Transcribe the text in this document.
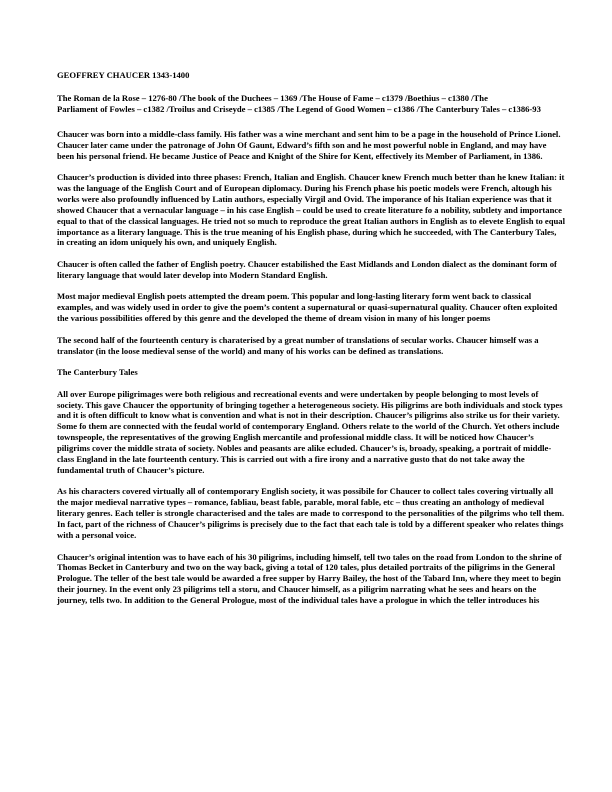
GEOFFREY CHAUCER 1343-1400

The Roman de la Rose – 1276-80 /The book of the Duchees – 1369 /The House of Fame – c1379 /Boethius – c1380 /The
Parliament of Fowles – c1382 /Troilus and Criseyde – c1385 /The Legend of Good Women – c1386 /The Canterbury Tales – c1386-93

Chaucer was born into a middle-class family. His father was a wine merchant and sent him to be a page in the household of Prince Lionel. Chaucer later came under the patronage of John Of Gaunt, Edward’s fifth son and he most powerful noble in England, and may have been his personal friend. He became Justice of Peace and Knight of the Shire for Kent, effectively its Member of Parliament, in 1386.

Chaucer’s production is divided into three phases: French, Italian and English. Chaucer knew French much better than he knew Italian: it was the language of the English Court and of European diplomacy. During his French phase his poetic models were French, altough his works were also profoundly influenced by Latin authors, especially Virgil and Ovid. The imporance of his Italian experience was that it showed Chaucer that a vernacular language – in his case English – could be used to create literature fo a nobility, subtlety and importance equal to that of the classical languages. He tried not so much to reproduce the great Italian authors in English as to elevete English to equal importance as a literary language. This is the true meaning of his English phase, during which he succeeded, with The Canterbury Tales, in creating an idom uniquely his own, and uniquely English.

Chaucer is often called the father of English poetry. Chaucer estabilished the East Midlands and London dialect as the dominant form of literary language that would later develop into Modern Standard English.

Most major medieval English poets attempted the dream poem. This popular and long-lasting literary form went back to classical examples, and was widely used in order to give the poem’s content a supernatural or quasi-supernatural quality. Chaucer often exploited the various possibilities offered by this genre and the developed the theme of dream vision in many of his longer poems

The second half of the fourteenth century is charaterised by a great number of translations of secular works. Chaucer himself was a translator (in the loose medieval sense of the world) and many of his works can be defined as translations.

The Canterbury Tales

All over Europe piligrimages were both religious and recreational events and were undertaken by people belonging to most levels of society. This gave Chaucer the opportunity of bringing together a heterogeneous society. His piligrims are both individuals and stock types and it is often difficult to know what is convention and what is not in their description. Chaucer’s piligrims also strike us for their variety. Some fo them are connected with the feudal world of contemporary England. Others relate to the world of the Church. Yet others include townspeople, the representatives of the growing English mercantile and professional middle class. It will be noticed how Chaucer’s piligrims cover the middle strata of society. Nobles and peasants are alike ecluded. Chaucer’s is, broady, speaking, a portrait of middle-class England in the late fourteenth century. This is carried out with a fire irony and a narrative gusto that do not take away the fundamental truth of Chaucer’s picture.

As his characters covered virtually all of contemporary English society, it was possibile for Chaucer to collect tales covering virtually all the major medieval narrative types – romance, fabliau, beast fable, parable, moral fable, etc – thus creating an anthology of medieval literary genres. Each teller is strongle characterised and the tales are made to correspond to the personalities of the pilgrims who tell them. In fact, part of the richness of Chaucer’s piligrims is precisely due to the fact that each tale is told by a different speaker who relates things with a personal voice.

Chaucer’s original intention was to have each of his 30 piligrims, including himself, tell two tales on the road from London to the shrine of Thomas Becket in Canterbury and two on the way back, giving a total of 120 tales, plus detailed portraits of the piligrims in the General Prologue. The teller of the best tale would be awarded a free supper by Harry Bailey, the host of the Tabard Inn, where they meet to begin their journey. In the event only 23 piligrims tell a storu, and Chaucer himself, as a piligrim narrating what he sees and hears on the journey, tells two. In addition to the General Prologue, most of the individual tales have a prologue in which the teller introduces his
